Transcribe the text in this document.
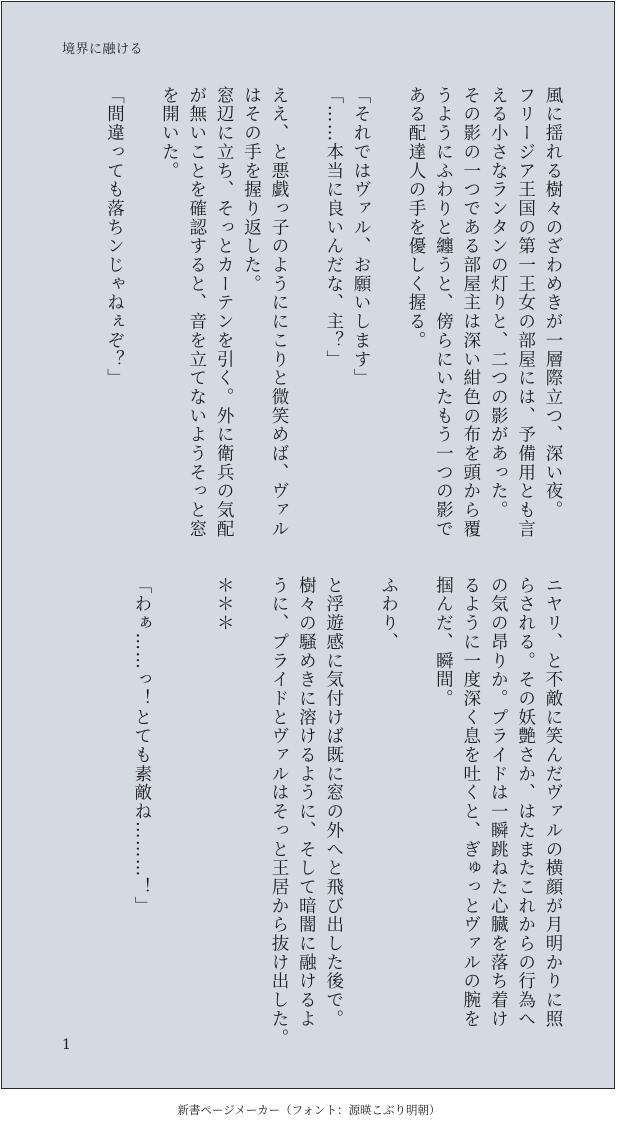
境界に融ける
風に揺れる樹々のざわめきが一層際立つ、深い夜。
フリージア王国の第一王女の部屋には、予備用とも言
える小さなランタンの灯りと、二つの影があった。
その影の一つである部屋主は深い紺色の布を頭から覆
うようにふわりと纏うと、傍らにいたもう一つの影で
ある配達人の手を優しく握る。
「それではヴァル、お願いします」
「……本当に良いんだな、主？」
ええ、と悪戯っ子のようににこりと微笑めば、ヴァル
はその手を握り返した。
窓辺に立ち、そっとカーテンを引く。外に衛兵の気配
が無いことを確認すると、音を立てないようそっと窓
を開いた。
「間違っても落ちンじゃねぇぞ？」
ニヤリ、と不敵に笑んだヴァルの横顔が月明かりに照
らされる。その妖艶さか、はたまたこれからの行為へ
の気の昂りか。プライドは一瞬跳ねた心臓を落ち着け
るように一度深く息を吐くと、ぎゅっとヴァルの腕を
掴んだ、瞬間。
ふわり、
と浮遊感に気付けば既に窓の外へと飛び出した後で。
樹々の騒めきに溶けるように、そして暗闇に融けるよ
うに、プライドとヴァルはそっと王居から抜け出した。
＊＊＊
「わぁ……っ！とても素敵ね………！」
1
新書ページメーカー（フォント：源暎こぶり明朝）
